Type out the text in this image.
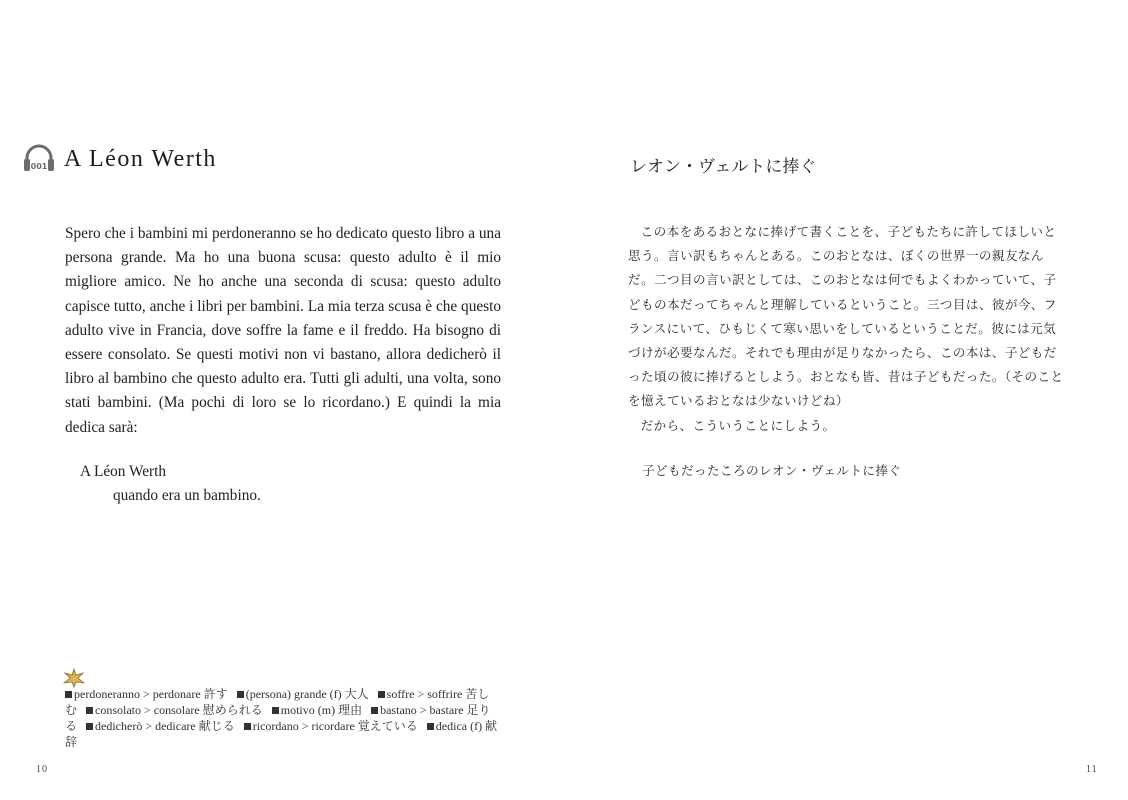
001 A Léon Werth
Spero che i bambini mi perdoneranno se ho dedicato questo libro a una persona grande. Ma ho una buona scusa: questo adulto è il mio migliore amico. Ne ho anche una seconda di scusa: questo adulto capisce tutto, anche i libri per bambini. La mia terza scusa è che questo adulto vive in Francia, dove soffre la fame e il freddo. Ha bisogno di essere consolato. Se questi motivi non vi bastano, allora dedicherò il libro al bambino che questo adulto era. Tutti gli adulti, una volta, sono stati bambini. (Ma pochi di loro se lo ricordano.) E quindi la mia dedica sarà:
A Léon Werth
quando era un bambino.
perdoneranno > perdonare 許す (persona) grande (f) 大人 soffre > soffrire 苦しむ consolato > consolare 慰められる motivo (m) 理由 bastano > bastare 足りる dedicherò > dedicare 献じる ricordano > ricordare 覚えている dedica (f) 献辞
10
レオン・ヴェルトに捧ぐ

この本をあるおとなに捧げて書くことを、子どもたちに許してほしいと思う。言い訳もちゃんとある。このおとなは、ぼくの世界一の親友なんだ。二つ目の言い訳としては、このおとなは何でもよくわかっていて、子どもの本だってちゃんと理解しているということ。三つ目は、彼が今、フランスにいて、ひもじくて寒い思いをしているということだ。彼には元気づけが必要なんだ。それでも理由が足りなかったら、この本は、子どもだった頃の彼に捧げるとしよう。おとなも皆、昔は子どもだった。（そのことを憶えているおとなは少ないけどね）

だから、こういうことにしよう。

子どもだったころのレオン・ヴェルトに捧ぐ
11
